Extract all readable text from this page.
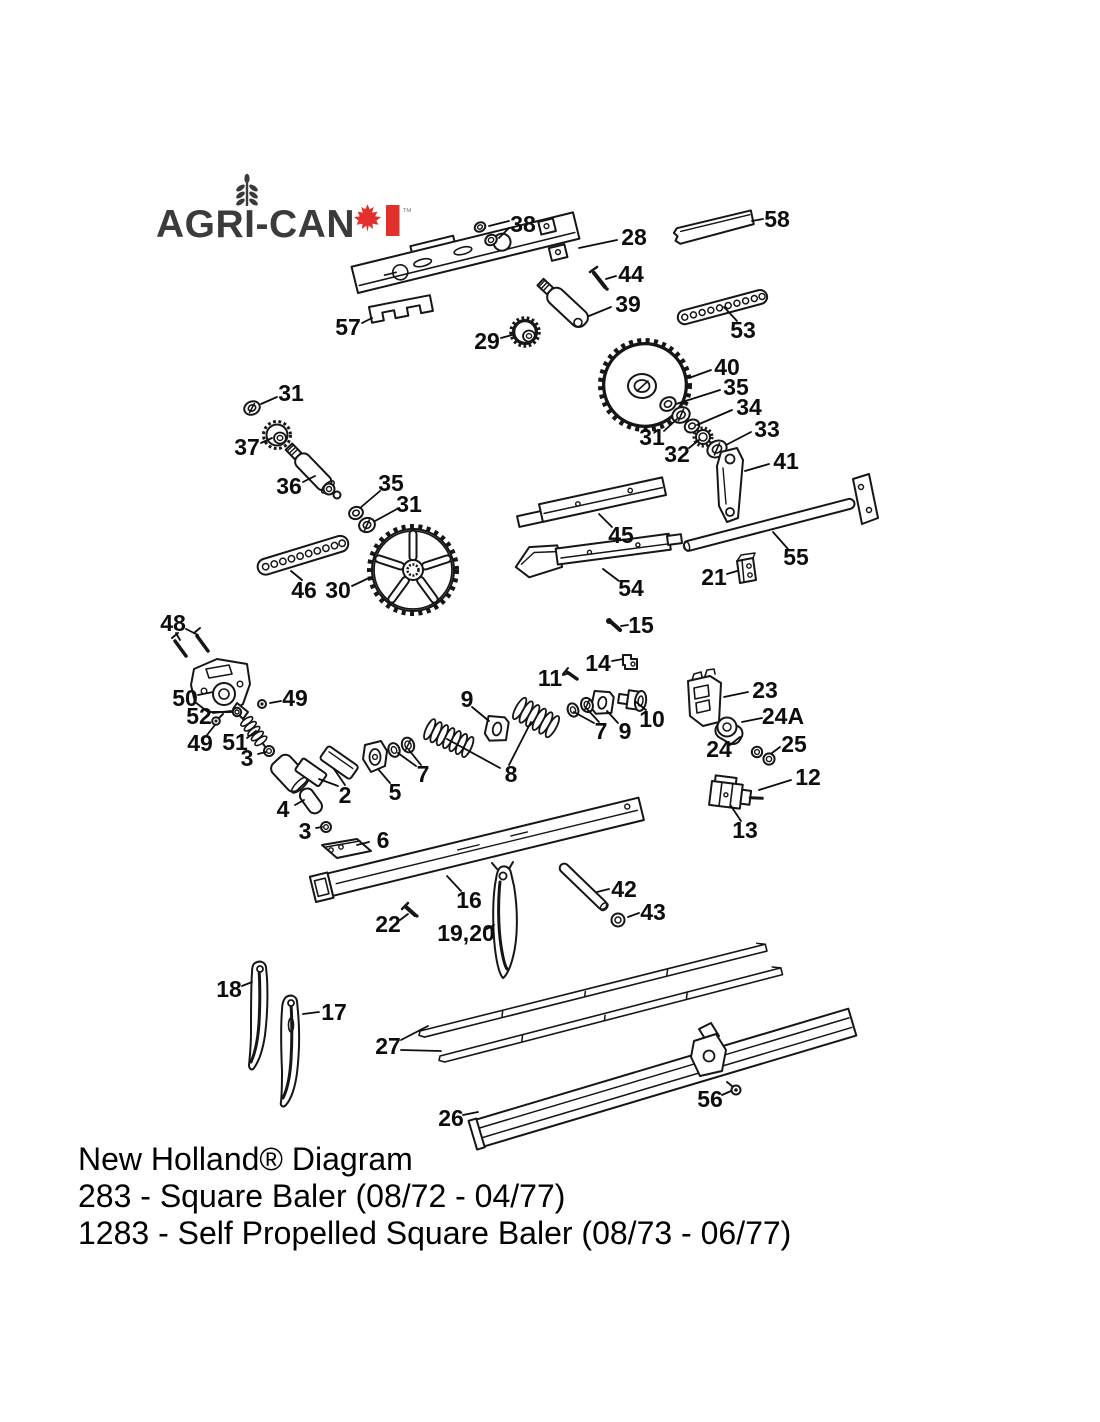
AGRI-CAN	™	38	28
58
44
39
57
29	53
40
35
34
31
32
33
41
31
37
36	35
31
45
55
54 21
46 30
48	15
14
11
50	49
52
9
10
9
7
23
24A
24 25
49 51
3
2 5
7	8	12
4
13
3	6
16	42
43
22 19,20
18
17
27
26
56
New Holland® Diagram
283 - Square Baler (08/72 - 04/77)
1283 - Self Propelled Square Baler (08/73 - 06/77)
